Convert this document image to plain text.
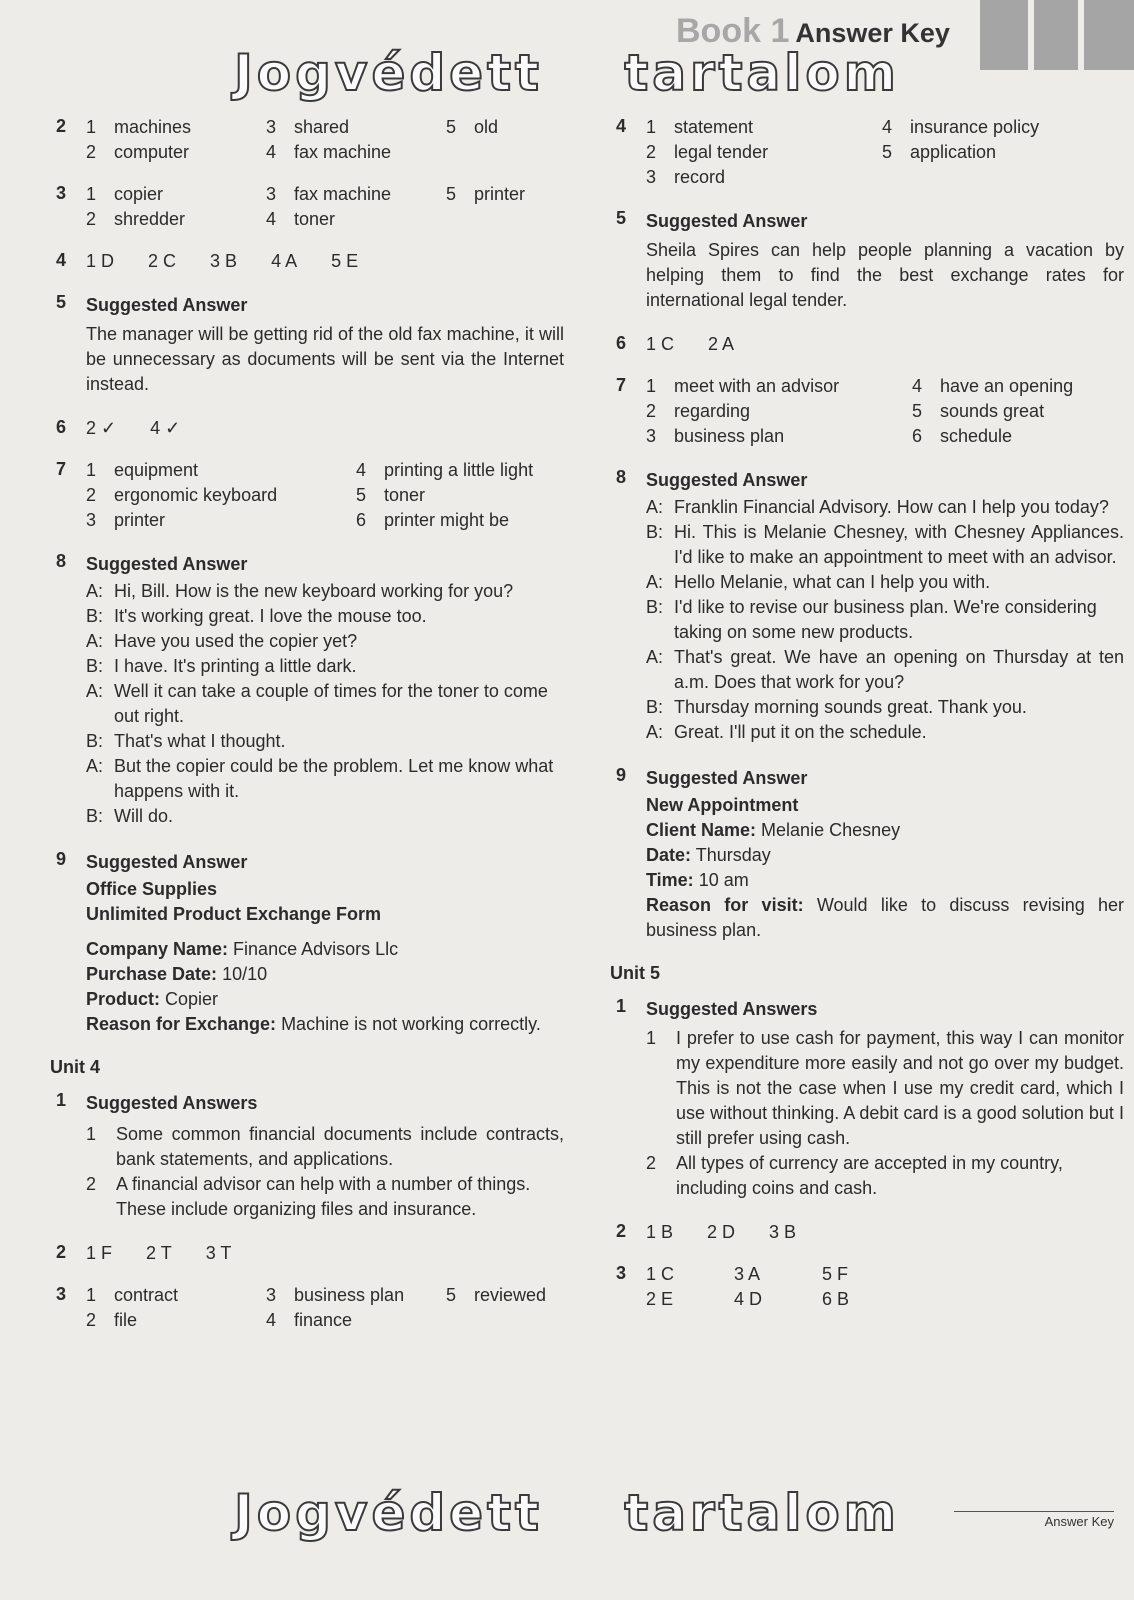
Book 1 Answer Key
Jogvédett tartalom
2	1 machines	3 shared	5 old
2 computer	4 fax machine
3	1 copier	3 fax machine	5 printer
2 shredder	4 toner
4	1 D 2 C 3 B 4 A 5 E
5	Suggested Answer
The manager will be getting rid of the old fax machine, it will be unnecessary as documents will be sent via the Internet instead.
6	2 ✓ 4 ✓
7	1 equipment	4 printing a little light
2 ergonomic keyboard	5 toner
3 printer	6 printer might be
8	Suggested Answer
A: Hi, Bill. How is the new keyboard working for you?
B: It's working great. I love the mouse too.
A: Have you used the copier yet?
B: I have. It's printing a little dark.
A: Well it can take a couple of times for the toner to come out right.
B: That's what I thought.
A: But the copier could be the problem. Let me know what happens with it.
B: Will do.
9	Suggested Answer
Office Supplies
Unlimited Product Exchange Form
Company Name: Finance Advisors Llc
Purchase Date: 10/10
Product: Copier
Reason for Exchange: Machine is not working correctly.
Unit 4
1	Suggested Answers
1	Some common financial documents include contracts, bank statements, and applications.
2	A financial advisor can help with a number of things. These include organizing files and insurance.
2	1 F 2 T 3 T
3	1 contract	3 business plan	5 reviewed
2 file	4 finance
4	1 statement	4 insurance policy
2 legal tender	5 application
3 record
5	Suggested Answer
Sheila Spires can help people planning a vacation by helping them to find the best exchange rates for international legal tender.
6	1 C 2 A
7	1 meet with an advisor	4 have an opening
2 regarding	5 sounds great
3 business plan	6 schedule
8	Suggested Answer
A: Franklin Financial Advisory. How can I help you today?
B: Hi. This is Melanie Chesney, with Chesney Appliances. I'd like to make an appointment to meet with an advisor.
A: Hello Melanie, what can I help you with.
B: I'd like to revise our business plan. We're considering taking on some new products.
A: That's great. We have an opening on Thursday at ten a.m. Does that work for you?
B: Thursday morning sounds great. Thank you.
A: Great. I'll put it on the schedule.
9	Suggested Answer
New Appointment
Client Name: Melanie Chesney
Date: Thursday
Time: 10 am
Reason for visit: Would like to discuss revising her business plan.
Unit 5
1	Suggested Answers
1	I prefer to use cash for payment, this way I can monitor my expenditure more easily and not go over my budget. This is not the case when I use my credit card, which I use without thinking. A debit card is a good solution but I still prefer using cash.
2	All types of currency are accepted in my country, including coins and cash.
2	1 B 2 D 3 B
3	1 C	3 A	5 F
2 E	4 D	6 B
Jogvédett tartalom	Answer Key
